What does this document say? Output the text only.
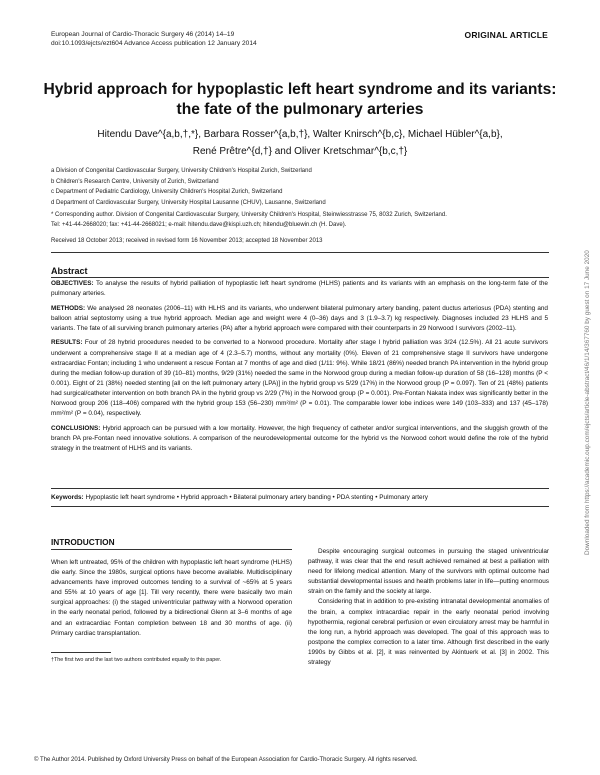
European Journal of Cardio-Thoracic Surgery 46 (2014) 14–19
doi:10.1093/ejcts/ezt604 Advance Access publication 12 January 2014
ORIGINAL ARTICLE
Hybrid approach for hypoplastic left heart syndrome and its variants:
the fate of the pulmonary arteries
Hitendu Dave^{a,b,†,*}, Barbara Rosser^{a,b,†}, Walter Knirsch^{b,c}, Michael Hübler^{a,b},
René Prêtre^{d,†} and Oliver Kretschmar^{b,c,†}
a Division of Congenital Cardiovascular Surgery, University Children's Hospital Zurich, Switzerland
b Children's Research Centre, University of Zurich, Switzerland
c Department of Pediatric Cardiology, University Children's Hospital Zurich, Switzerland
d Department of Cardiovascular Surgery, University Hospital Lausanne (CHUV), Lausanne, Switzerland
* Corresponding author. Division of Congenital Cardiovascular Surgery, University Children's Hospital, Steinwiesstrasse 75, 8032 Zurich, Switzerland.
Tel: +41-44-2668020; fax: +41-44-2668021; e-mail: hitendu.dave@kispi.uzh.ch; hitendu@bluewin.ch (H. Dave).
Received 18 October 2013; received in revised form 16 November 2013; accepted 18 November 2013
Abstract

OBJECTIVES: To analyse the results of hybrid palliation of hypoplastic left heart syndrome (HLHS) patients and its variants with an emphasis on the long-term fate of the pulmonary arteries.

METHODS: We analysed 28 neonates (2006–11) with HLHS and its variants, who underwent bilateral pulmonary artery banding, patent ductus arteriosus (PDA) stenting and balloon atrial septostomy using a true hybrid approach. Median age and weight were 4 (0–36) days and 3 (1.9–3.7) kg respectively. Diagnoses included 23 HLHS and 5 variants. The fate of all surviving branch pulmonary arteries (PA) after a hybrid approach were compared with their counterparts in 29 Norwood I survivors (2002–11).

RESULTS: Four of 28 hybrid procedures needed to be converted to a Norwood procedure. Mortality after stage I hybrid palliation was 3/24 (12.5%). All 21 acute survivors underwent a comprehensive stage II at a median age of 4 (2.3–5.7) months, without any mortality (0%). Eleven of 21 comprehensive stage II survivors have undergone extracardiac Fontan; including 1 who underwent a rescue Fontan at 7 months of age and died (1/11: 9%). While 18/21 (86%) needed branch PA intervention in the hybrid group during the median follow-up duration of 39 (10–81) months, 9/29 (31%) needed the same in the Norwood group during a median follow-up duration of 58 (16–128) months (P < 0.001). Eight of 21 (38%) needed stenting [all on the left pulmonary artery (LPA)] in the hybrid group vs 5/29 (17%) in the Norwood group (P = 0.097). Ten of 21 (48%) patients had surgical/catheter intervention on both branch PA in the hybrid group vs 2/29 (7%) in the Norwood group (P = 0.001). Pre-Fontan Nakata index was significantly better in the Norwood group 206 (118–406) compared with the hybrid group 153 (56–230) mm²/m² (P = 0.01). The comparable lower lobe indices were 149 (103–333) and 137 (45–178) mm²/m² (P = 0.04), respectively.

CONCLUSIONS: Hybrid approach can be pursued with a low mortality. However, the high frequency of catheter and/or surgical interventions, and the sluggish growth of the branch PA pre-Fontan need innovative solutions. A comparison of the neurodevelopmental outcome for the hybrid vs the Norwood cohort would define the role of the hybrid strategy in the treatment of HLHS and its variants.

Keywords: Hypoplastic left heart syndrome • Hybrid approach • Bilateral pulmonary artery banding • PDA stenting • Pulmonary artery
INTRODUCTION

When left untreated, 95% of the children with hypoplastic left heart syndrome (HLHS) die early. Since the 1980s, surgical options have become available. Multidisciplinary advancements have improved outcomes tending to a survival of ~65% at 5 years and 55% at 10 years of age [1]. Till very recently, there were basically two main surgical approaches: (i) the staged univentricular pathway with a Norwood operation in the early neonatal period, followed by a bidirectional Glenn at 3–6 months of age and an extracardiac Fontan completion between 18 and 30 months of age. (ii) Primary cardiac transplantation.

Despite encouraging surgical outcomes in pursuing the staged univentricular pathway, it was clear that the end result achieved remained at best a palliation with need for lifelong medical attention. Many of the survivors with optimal outcome had substantial developmental issues and health problems later in life—putting enormous strain on the family and the society at large.

Considering that in addition to pre-existing intranatal developmental anomalies of the brain, a complex intracardiac repair in the early neonatal period involving hypothermia, regional cerebral perfusion or even circulatory arrest may be harmful in the long run, a hybrid approach was developed. The goal of this approach was to postpone the complex correction to a later time. Although first described in the early 1990s by Gibbs et al. [2], it was reinvented by Akintuerk et al. [3] in 2002. This strategy

†The first two and the last two authors contributed equally to this paper.
© The Author 2014. Published by Oxford University Press on behalf of the European Association for Cardio-Thoracic Surgery. All rights reserved.
Downloaded from https://academic.oup.com/ejcts/article-abstract/46/1/14/367760 by guest on 17 June 2020
